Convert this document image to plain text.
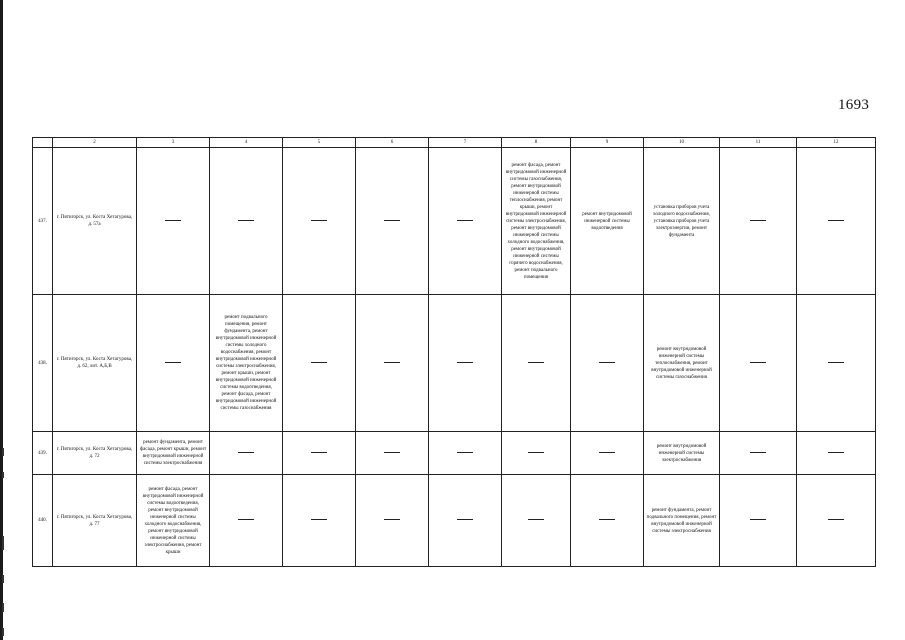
1693
	2	3	4	5	6	7	8	9	10	11	12
437.	г. Пятигорск, ул. Коста Хетагурова, д. 57а						ремонт фасада, ремонт внутридомовой инженерной системы газоснабжения, ремонт внутридомовой инженерной системы теплоснабжения, ремонт крыши, ремонт внутридомовой инженерной системы электроснабжения, ремонт внутридомовой инженерной системы холодного водоснабжения, ремонт внутридомовой инженерной системы горячего водоснабжения, ремонт подвального помещения	ремонт внутридомовой инженерной системы водоотведения	установка приборов учета холодного водоснабжения, установка приборов учета электроэнергии, ремонт фундамента		
438.	г. Пятигорск, ул. Коста Хетагурова, д. 62, лит. А,Б,В		ремонт подвального помещения, ремонт фундамента, ремонт внутридомовой инженерной системы холодного водоснабжения, ремонт внутридомовой инженерной системы электроснабжения, ремонт крыши, ремонт внутридомовой инженерной системы водоотведения, ремонт фасада, ремонт внутридомовой инженерной системы газоснабжения						ремонт внутридомовой инженерной системы теплоснабжения, ремонт внутридомовой инженерной системы газоснабжения		
439.	г. Пятигорск, ул. Коста Хетагурова, д. 72	ремонт фундамента, ремонт фасада, ремонт крыши, ремонт внутридомовой инженерной системы электроснабжения							ремонт внутридомовой инженерной системы электроснабжения		
440.	г. Пятигорск, ул. Коста Хетагурова, д. 77	ремонт фасада, ремонт внутридомовой инженерной системы водоотведения, ремонт внутридомовой инженерной системы холодного водоснабжения, ремонт внутридомовой инженерной системы электроснабжения, ремонт крыши							ремонт фундамента, ремонт подвального помещения, ремонт внутридомовой инженерной системы электроснабжения		
